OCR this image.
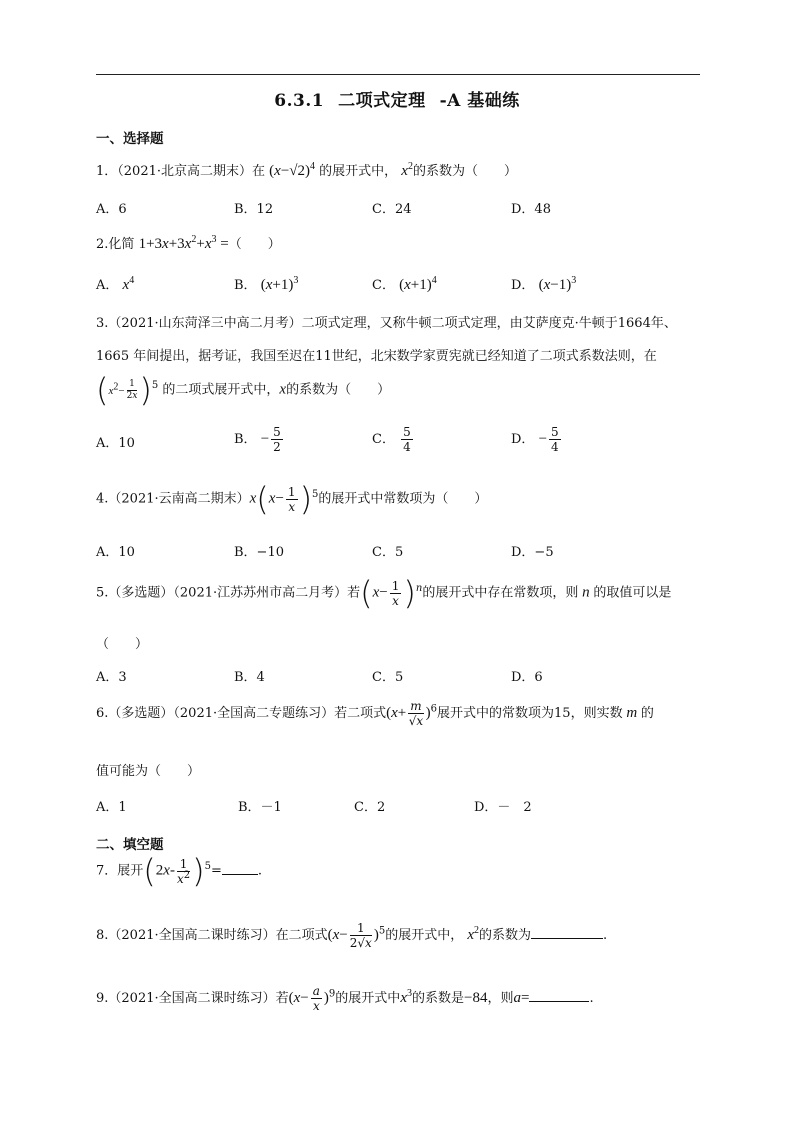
6.3.1 二项式定理 -A 基础练
一、选择题
1．（2021·北京高二期末）在 $(x-√2)^4$ 的展开式中， $x^2$的系数为（　　）
A．6	B．12	C．24	D．48
2.化简 $1+3x+3x^2+x^3$ =（　　）
A． $x^4$	B． $(x+1)^3$	C． $(x+1)^4$	D． $(x-1)^3$
3.（2021·山东菏泽三中高二月考）二项式定理，又称牛顿二项式定理，由艾萨度克·牛顿于1664年、
1665 年间提出，据考证，我国至迟在11世纪，北宋数学家贾宪就已经知道了二项式系数法则，在
$(x^2- \frac{1}{2x} )^5$ 的二项式展开式中，x的系数为（　　）
A．10	B． − $\frac{5}{2}$	C． $\frac{5}{4}$	D． − $\frac{5}{4}$
4.（2021·云南高二期末）$x(x- \frac{1}{x} )^5$的展开式中常数项为（　　）
A．10	B．−10	C．5	D．−5
5.（多选题）（2021·江苏苏州市高二月考）若$(x- \frac{1}{x} )^n$的展开式中存在常数项，则 n 的取值可以是
（　　）
A．3	B．4	C．5	D．6
6.（多选题）（2021·全国高二专题练习）若二项式$(x+ \frac{m}{√x} )^6$展开式中的常数项为15，则实数 m 的
值可能为（　　）
A．1	B．－1	C．2	D．－　2
二、填空题
7．展开$(2x- \frac{1}{x^2} )^5=$	.
8.（2021·全国高二课时练习）在二项式$(x- \frac{1}{2√x} )^5$的展开式中， $x^2$的系数为	.
9.（2021·全国高二课时练习）若$(x- \frac{a}{x} )^9$的展开式中$x^3$的系数是−84，则a=	.
